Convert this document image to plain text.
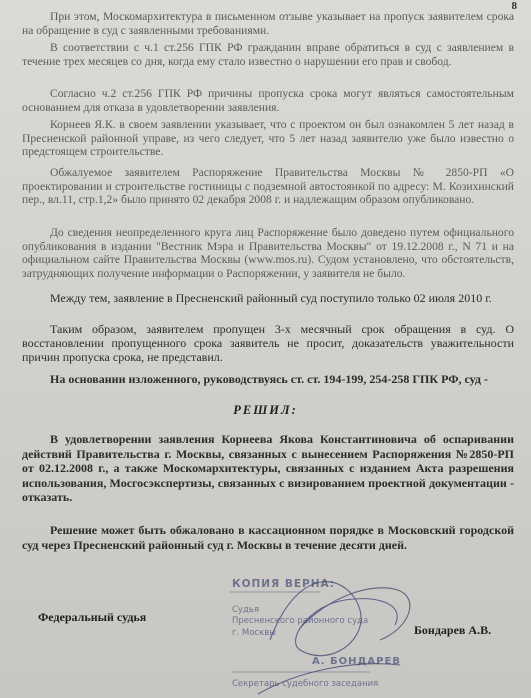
8

При этом, Москомархитектура в письменном отзыве указывает на пропуск заявителем срока на обращение в суд с заявленными требованиями.

В соответствии с ч.1 ст.256 ГПК РФ гражданин вправе обратиться в суд с заявлением в течение трех месяцев со дня, когда ему стало известно о нарушении его прав и свобод.

Согласно ч.2 ст.256 ГПК РФ причины пропуска срока могут являться самостоятельным основанием для отказа в удовлетворении заявления.

Корнеев Я.К. в своем заявлении указывает, что с проектом он был ознакомлен 5 лет назад в Пресненской районной управе, из чего следует, что 5 лет назад заявителю уже было известно о предстоящем строительстве.

Обжалуемое заявителем Распоряжение Правительства Москвы № 2850-РП «О проектировании и строительстве гостиницы с подземной автостоянкой по адресу: М. Козихинский пер., вл.11, стр.1,2» было принято 02 декабря 2008 г. и надлежащим образом опубликовано.

До сведения неопределенного круга лиц Распоряжение было доведено путем официального опубликования в издании "Вестник Мэра и Правительства Москвы" от 19.12.2008 г., N 71 и на официальном сайте Правительства Москвы (www.mos.ru). Судом установлено, что обстоятельств, затрудняющих получение информации о Распоряжении, у заявителя не было.

Между тем, заявление в Пресненский районный суд поступило только 02 июля 2010 г.

Таким образом, заявителем пропущен 3-х месячный срок обращения в суд. О восстановлении пропущенного срока заявитель не просит, доказательств уважительности причин пропуска срока, не представил.

На основании изложенного, руководствуясь ст. ст. 194-199, 254-258 ГПК РФ, суд -

РЕШИЛ:

В удовлетворении заявления Корнеева Якова Константиновича об оспаривании действий Правительства г. Москвы, связанных с вынесением Распоряжения №2850-РП от 02.12.2008 г., а также Москомархитектуры, связанных с изданием Акта разрешения использования, Мосгосэкспертизы, связанных с визированием проектной документации - отказать.

Решение может быть обжаловано в кассационном порядке в Московский городской суд через Пресненский районный суд г. Москвы в течение десяти дней.

Федеральный судья
Бондарев А.В.
КОПИЯ ВЕРНА:
Судья
Пресненского районного суда
г. Москвы
А. БОНДАРЕВ
Секретарь судебного заседания
